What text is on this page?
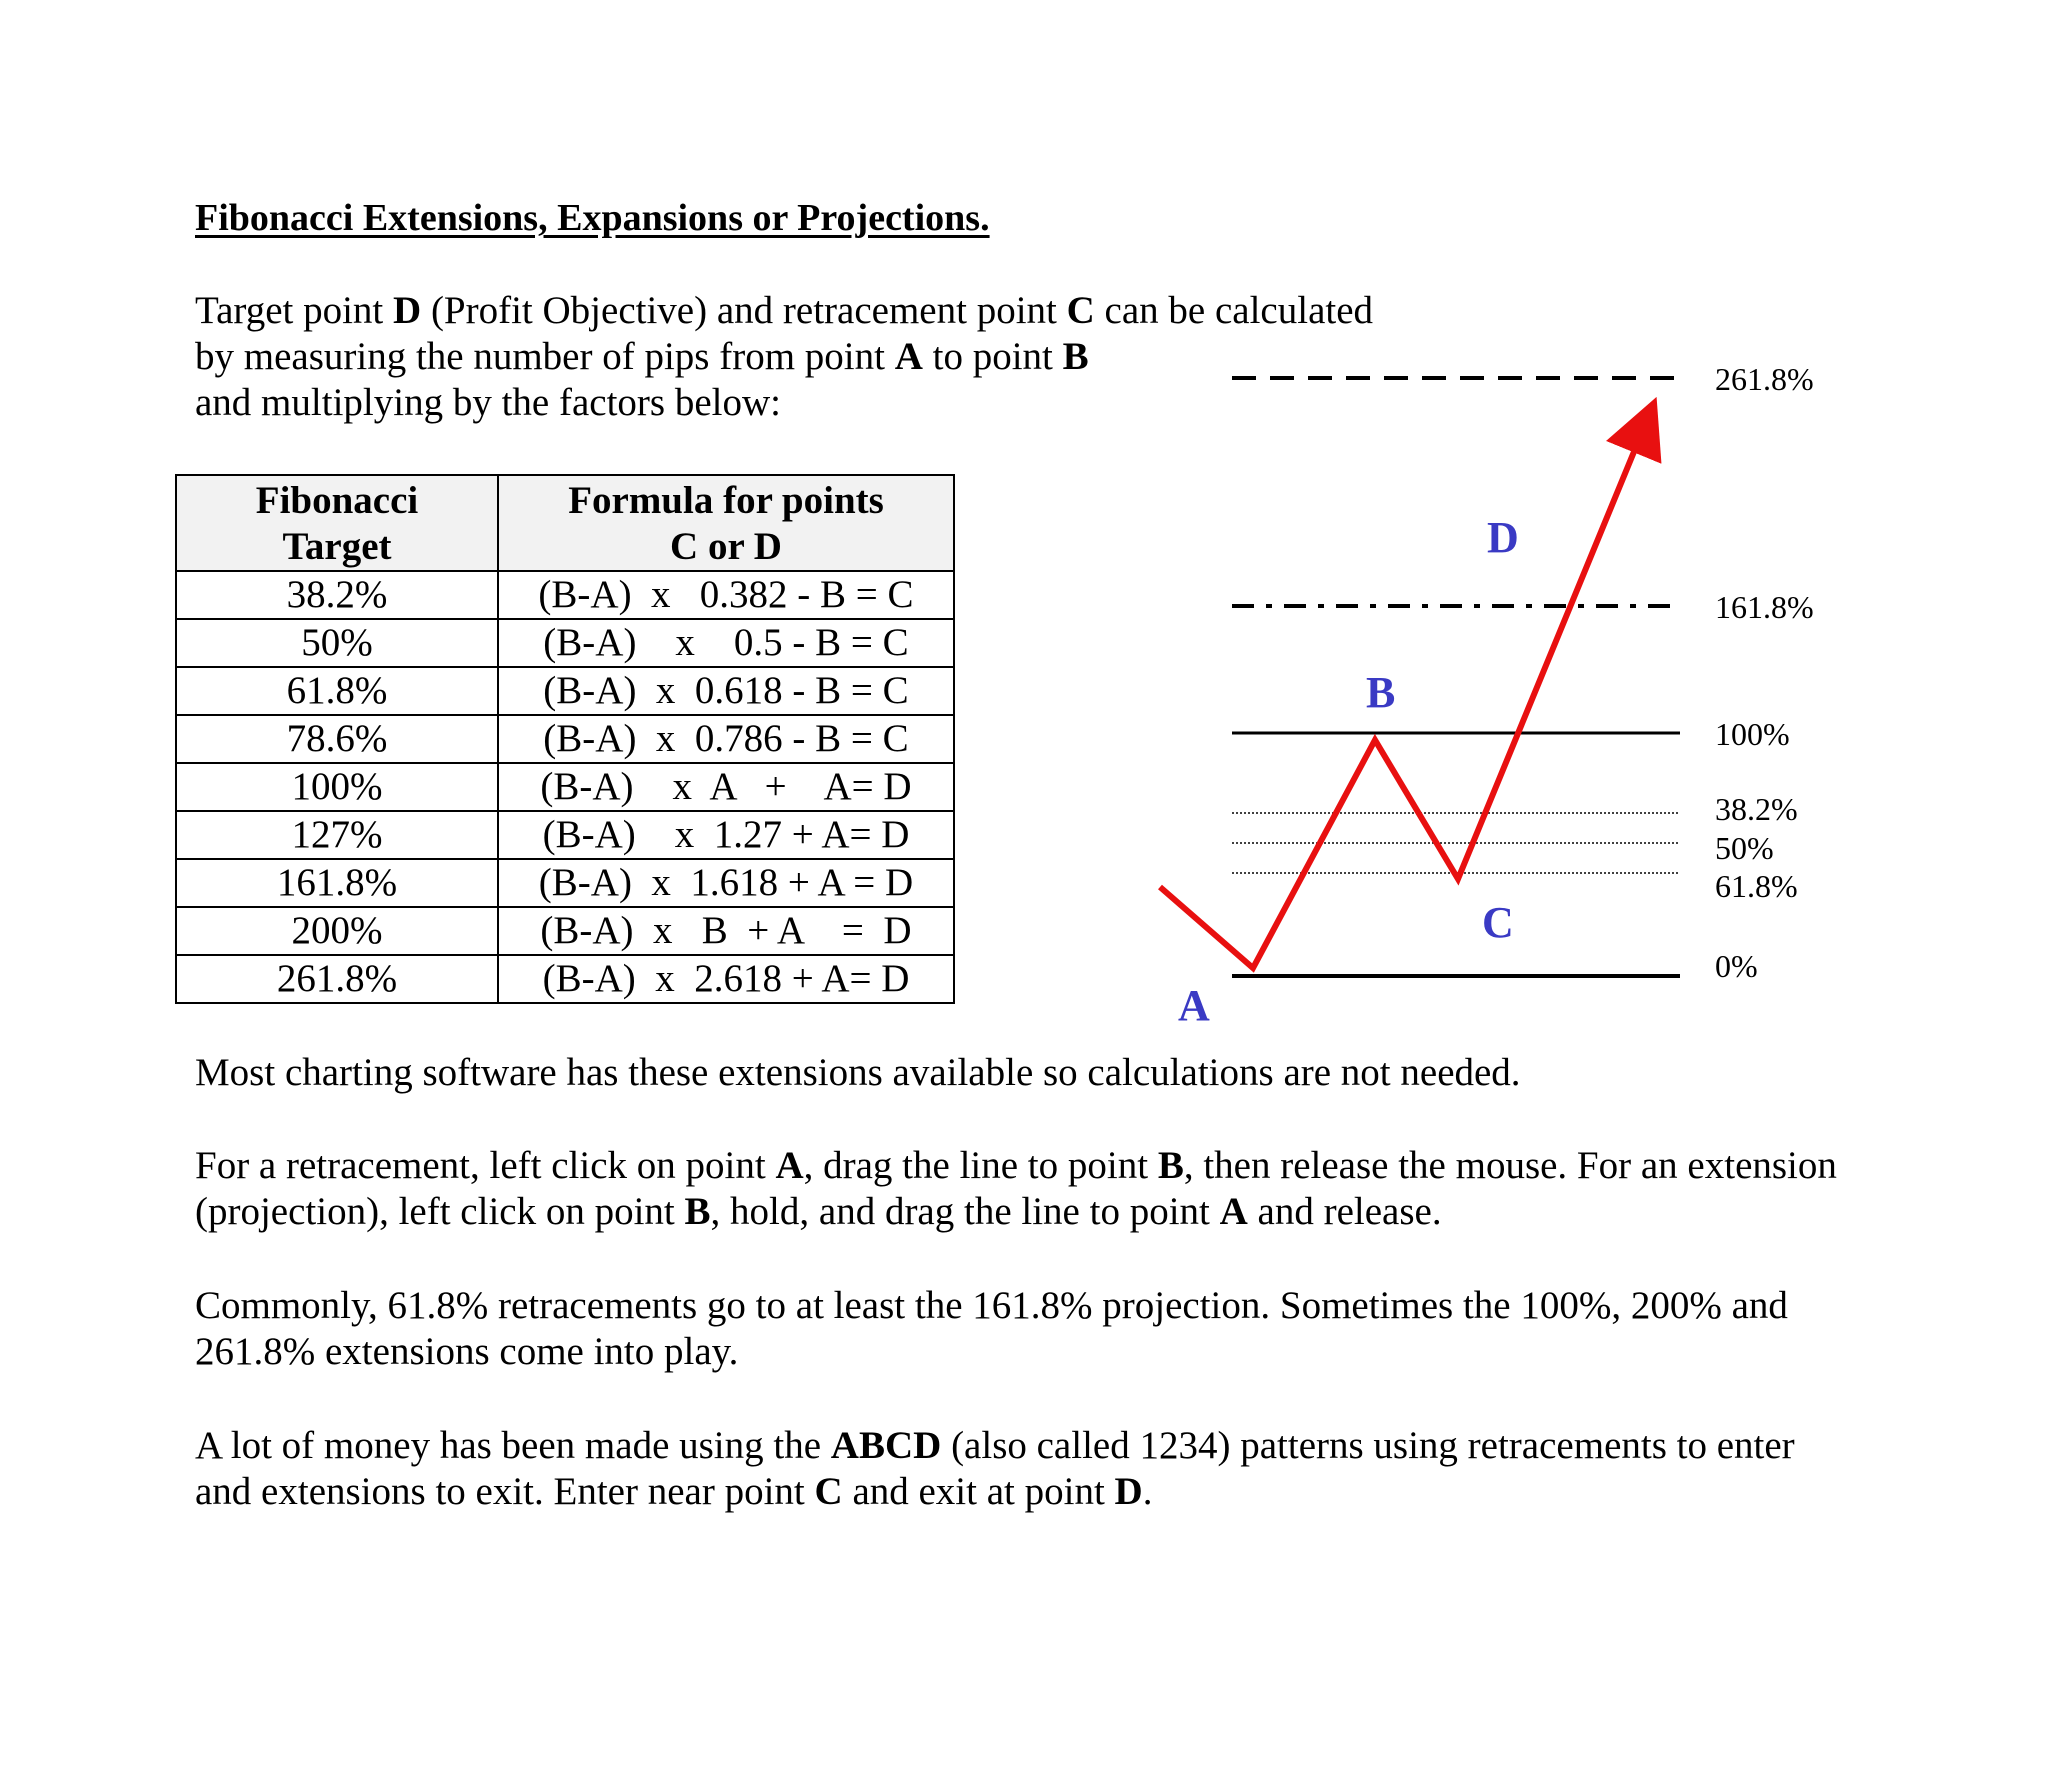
Fibonacci Extensions, Expansions or Projections.

Target point D (Profit Objective) and retracement point C can be calculated
by measuring the number of pips from point A to point B
and multiplying by the factors below:

Fibonacci
Target	Formula for points
C or D
38.2%	(B-A)  x   0.382 - B = C
50%	(B-A)    x    0.5 - B = C
61.8%	(B-A)  x  0.618 - B = C
78.6%	(B-A)  x  0.786 - B = C
100%	(B-A)    x  A   +    A= D
127%	(B-A)    x  1.27 + A= D
161.8%	(B-A)  x  1.618 + A = D
200%	(B-A)  x   B  + A    =  D
261.8%	(B-A)  x  2.618 + A= D
261.8%
161.8%
100%
38.2%
50%
61.8%
0%
A
B
C
D

Most charting software has these extensions available so calculations are not needed.

For a retracement, left click on point A, drag the line to point B, then release the mouse. For an extension
(projection), left click on point B, hold, and drag the line to point A and release.

Commonly, 61.8% retracements go to at least the 161.8% projection. Sometimes the 100%, 200% and
261.8% extensions come into play.

A lot of money has been made using the ABCD (also called 1234) patterns using retracements to enter
and extensions to exit. Enter near point C and exit at point D.
